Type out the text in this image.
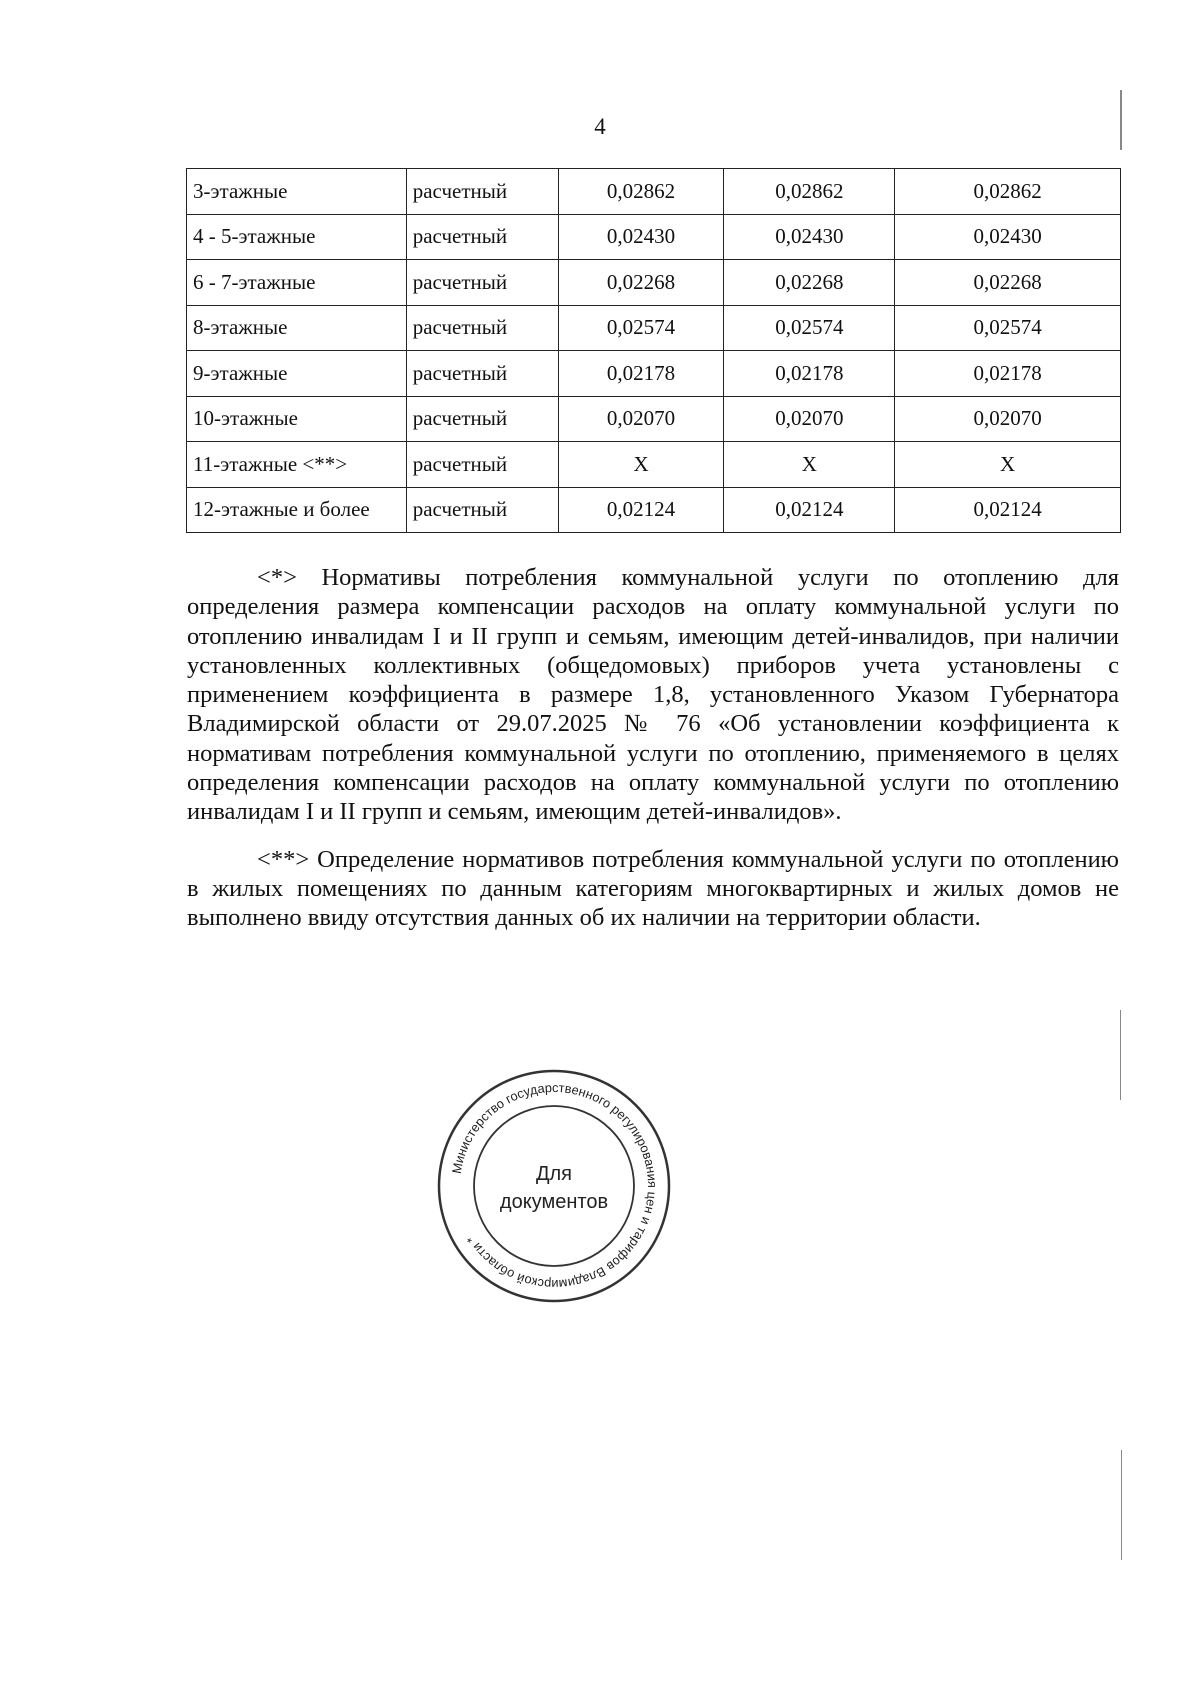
4
3-этажные	расчетный	0,02862	0,02862	0,02862
4 - 5-этажные	расчетный	0,02430	0,02430	0,02430
6 - 7-этажные	расчетный	0,02268	0,02268	0,02268
8-этажные	расчетный	0,02574	0,02574	0,02574
9-этажные	расчетный	0,02178	0,02178	0,02178
10-этажные	расчетный	0,02070	0,02070	0,02070
11-этажные <**>	расчетный	X	X	X
12-этажные и более	расчетный	0,02124	0,02124	0,02124

<*> Нормативы потребления коммунальной услуги по отоплению для определения размера компенсации расходов на оплату коммунальной услуги по отоплению инвалидам I и II групп и семьям, имеющим детей-инвалидов, при наличии установленных коллективных (общедомовых) приборов учета установлены с применением коэффициента в размере 1,8, установленного Указом Губернатора Владимирской области от 29.07.2025 № 76 «Об установлении коэффициента к нормативам потребления коммунальной услуги по отоплению, применяемого в целях определения компенсации расходов на оплату коммунальной услуги по отоплению инвалидам I и II групп и семьям, имеющим детей-инвалидов».

<**> Определение нормативов потребления коммунальной услуги по отоплению в жилых помещениях по данным категориям многоквартирных и жилых домов не выполнено ввиду отсутствия данных об их наличии на территории области.

Министерство государственного регулирования цен и тарифов Владимирской области *
Для
документов
